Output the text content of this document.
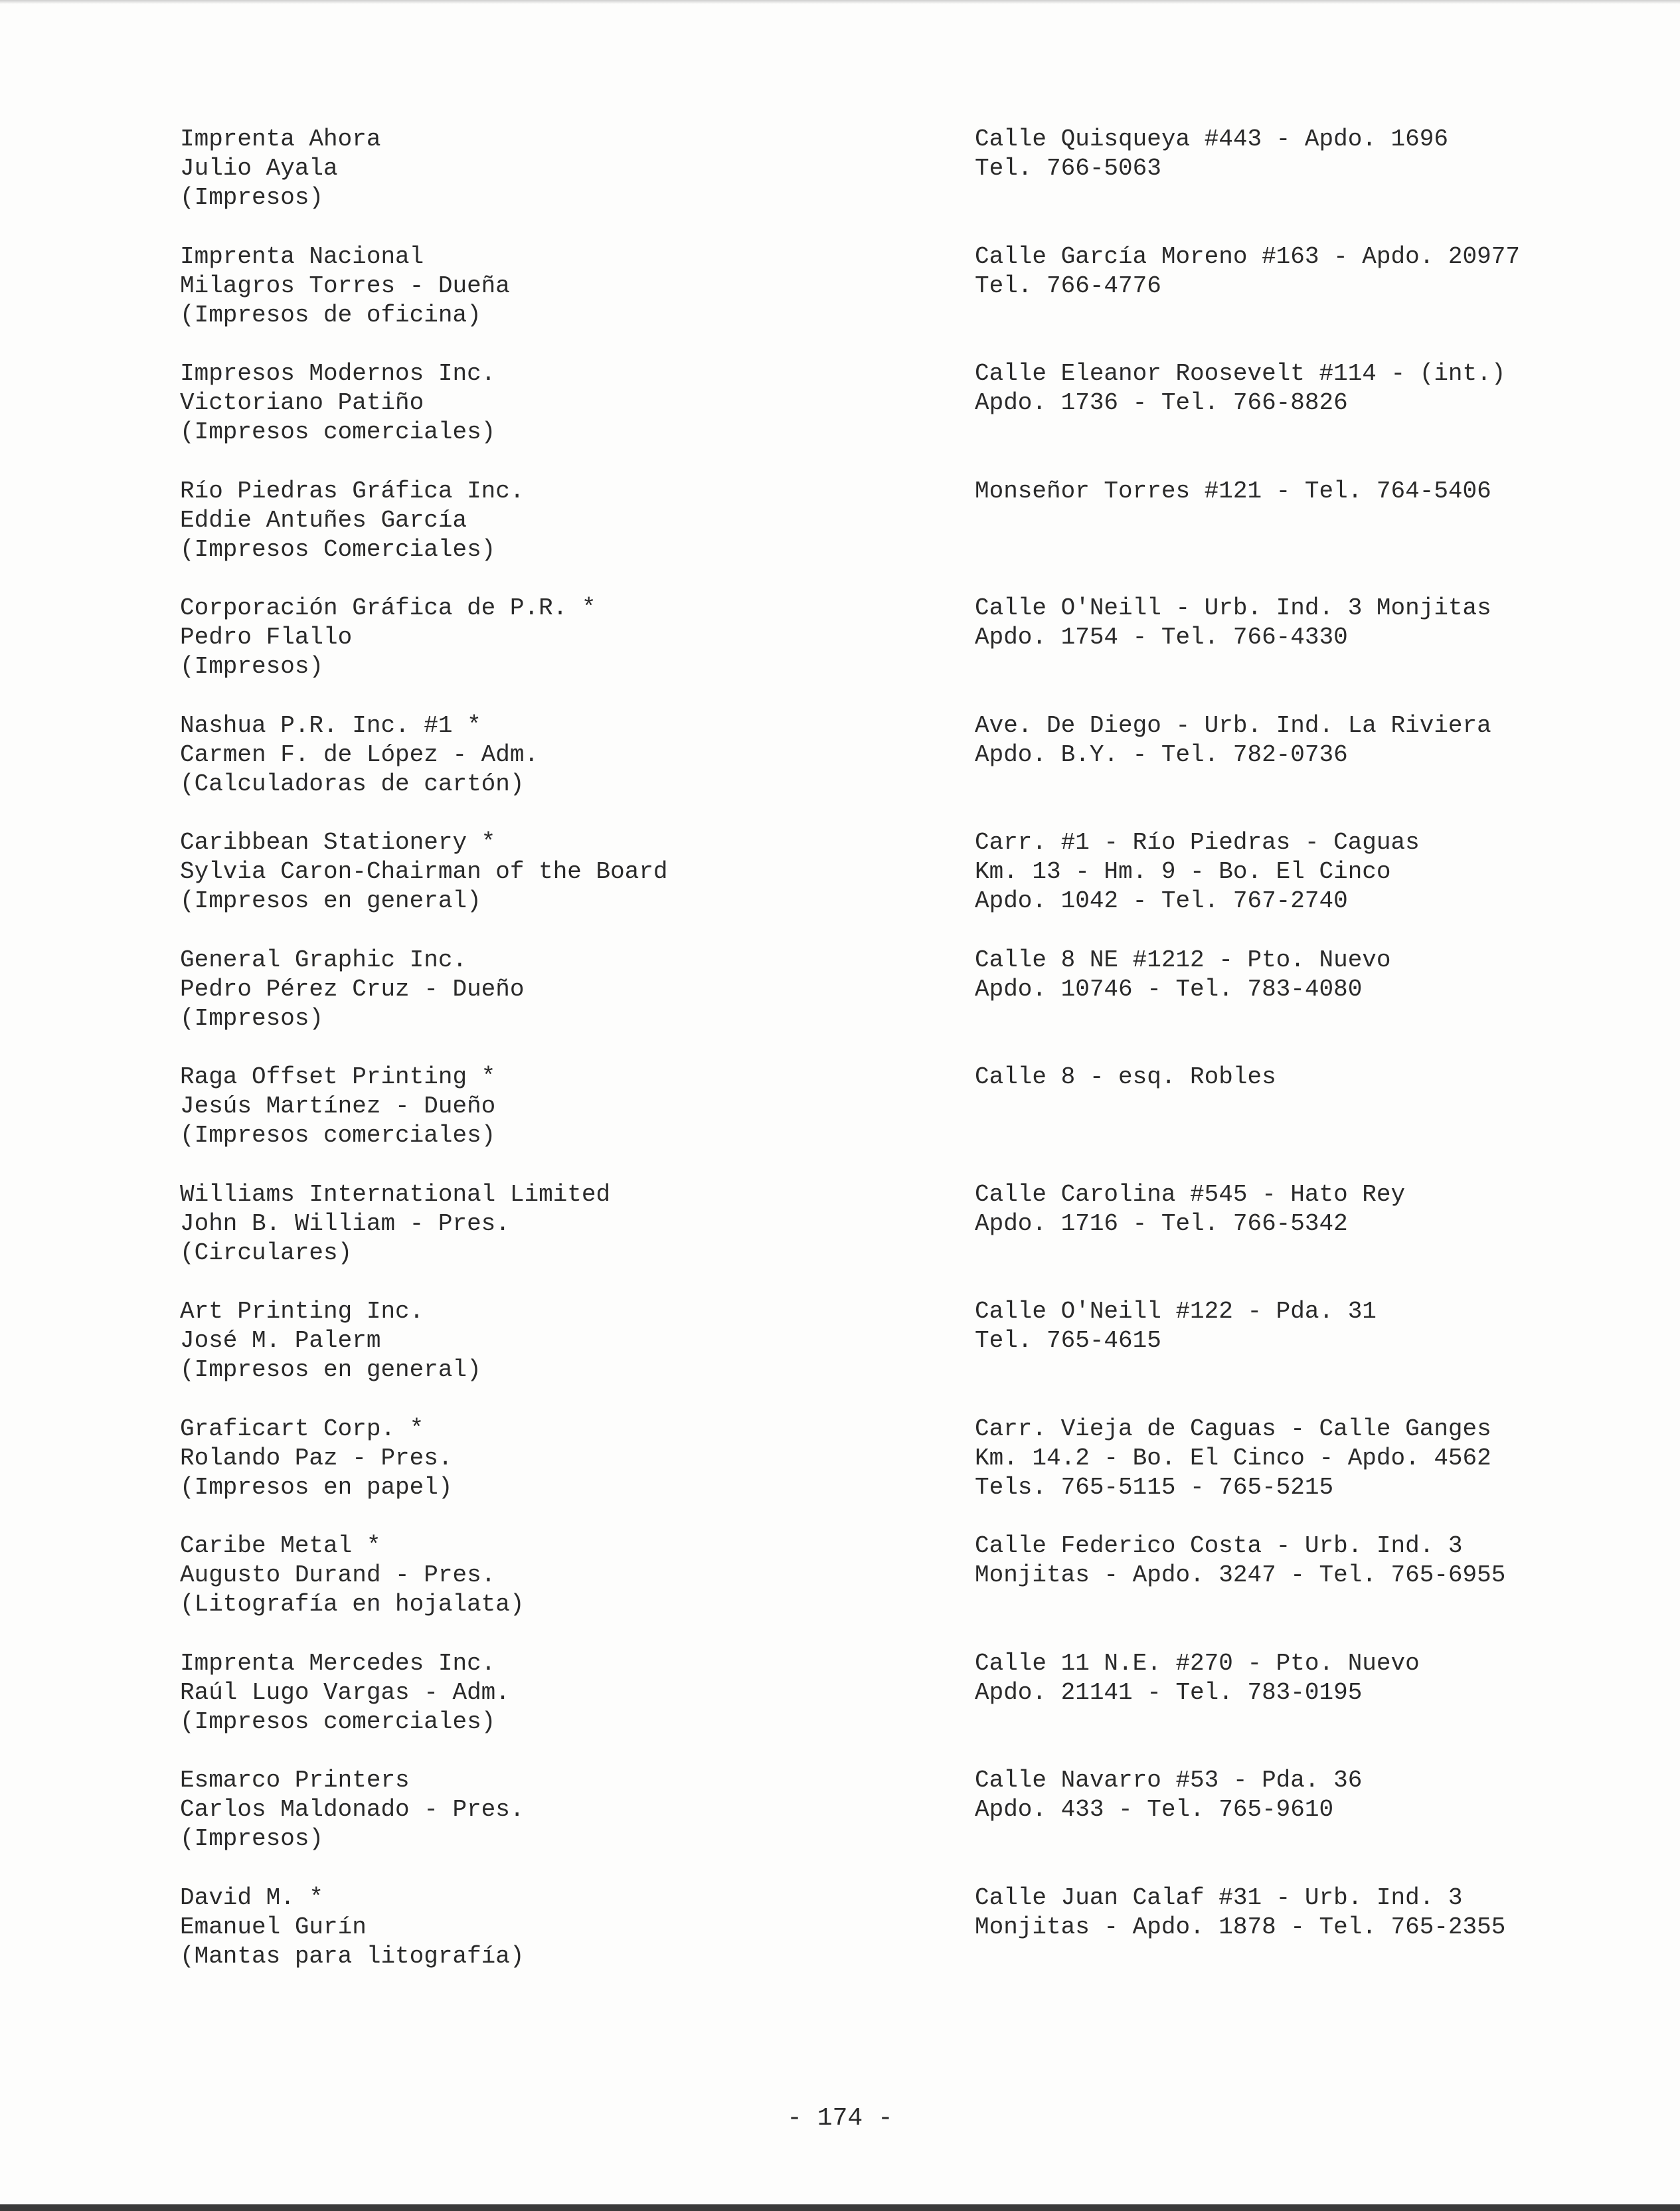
Imprenta Ahora
Julio Ayala
(Impresos)
Calle Quisqueya #443 - Apdo. 1696
Tel. 766-5063
Imprenta Nacional
Milagros Torres - Dueña
(Impresos de oficina)
Calle García Moreno #163 - Apdo. 20977
Tel. 766-4776
Impresos Modernos Inc.
Victoriano Patiño
(Impresos comerciales)
Calle Eleanor Roosevelt #114 - (int.)
Apdo. 1736 - Tel. 766-8826
Río Piedras Gráfica Inc.
Eddie Antuñes García
(Impresos Comerciales)
Monseñor Torres #121 - Tel. 764-5406
Corporación Gráfica de P.R. *
Pedro Flallo
(Impresos)
Calle O'Neill - Urb. Ind. 3 Monjitas
Apdo. 1754 - Tel. 766-4330
Nashua P.R. Inc. #1 *
Carmen F. de López - Adm.
(Calculadoras de cartón)
Ave. De Diego - Urb. Ind. La Riviera
Apdo. B.Y. - Tel. 782-0736
Caribbean Stationery *
Sylvia Caron-Chairman of the Board
(Impresos en general)
Carr. #1 - Río Piedras - Caguas
Km. 13 - Hm. 9 - Bo. El Cinco
Apdo. 1042 - Tel. 767-2740
General Graphic Inc.
Pedro Pérez Cruz - Dueño
(Impresos)
Calle 8 NE #1212 - Pto. Nuevo
Apdo. 10746 - Tel. 783-4080
Raga Offset Printing *
Jesús Martínez - Dueño
(Impresos comerciales)
Calle 8 - esq. Robles
Williams International Limited
John B. William - Pres.
(Circulares)
Calle Carolina #545 - Hato Rey
Apdo. 1716 - Tel. 766-5342
Art Printing Inc.
José M. Palerm
(Impresos en general)
Calle O'Neill #122 - Pda. 31
Tel. 765-4615
Graficart Corp. *
Rolando Paz - Pres.
(Impresos en papel)
Carr. Vieja de Caguas - Calle Ganges
Km. 14.2 - Bo. El Cinco - Apdo. 4562
Tels. 765-5115 - 765-5215
Caribe Metal *
Augusto Durand - Pres.
(Litografía en hojalata)
Calle Federico Costa - Urb. Ind. 3
Monjitas - Apdo. 3247 - Tel. 765-6955
Imprenta Mercedes Inc.
Raúl Lugo Vargas - Adm.
(Impresos comerciales)
Calle 11 N.E. #270 - Pto. Nuevo
Apdo. 21141 - Tel. 783-0195
Esmarco Printers
Carlos Maldonado - Pres.
(Impresos)
Calle Navarro #53 - Pda. 36
Apdo. 433 - Tel. 765-9610
David M. *
Emanuel Gurín
(Mantas para litografía)
Calle Juan Calaf #31 - Urb. Ind. 3
Monjitas - Apdo. 1878 - Tel. 765-2355
- 174 -
